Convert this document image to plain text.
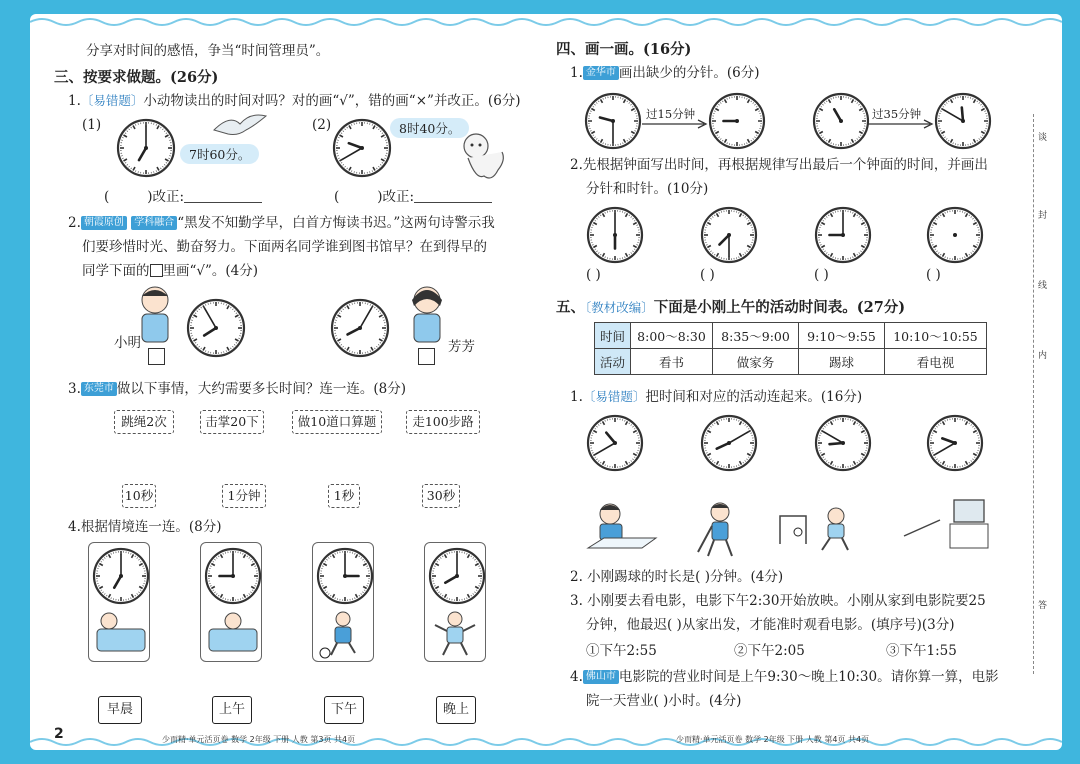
分享对时间的感悟，争当“时间管理员”。
三、按要求做题。(26分)
1.〔易错题〕小动物读出的时间对吗？对的画“√”，错的画“×”并改正。(6分)
(1)
7时60分。
(2)	8时40分。
(	)改正:	(	)改正:
2. 朝霞原创 学科融合 “黑发不知勤学早，白首方悔读书迟。”这两句诗警示我
们要珍惜时光、勤奋努力。下面两名同学谁到图书馆早？在到得早的
同学下面的 里画“√”。(4分)
小明	芳芳
3. 东莞市 做以下事情，大约需要多长时间？连一连。(8分)
跳绳2次	击掌20下	做10道口算题	走100步路
10秒	1分钟	1秒	30秒
4.根据情境连一连。(8分)
早晨	上午	下午	晚上
2	少而精·单元活页卷 数学 2年级 下册 人教 第3页 共4页
四、画一画。(16分)
1. 金华市 画出缺少的分针。(6分)
过15分钟	过35分钟
2.先根据钟面写出时间，再根据规律写出最后一个钟面的时间，并画出
分针和时针。(10分)
( )	( )	( )	( )
五、〔教材改编〕下面是小刚上午的活动时间表。(27分)
时间	8:00～8:30	8:35～9:00	9:10～9:55	10:10～10:55
活动	看书	做家务	踢球	看电视
1.〔易错题〕把时间和对应的活动连起来。(16分)
2. 小刚踢球的时长是( )分钟。(4分)
3. 小刚要去看电影，电影下午2:30开始放映。小刚从家到电影院要25
分钟，他最迟( )从家出发，才能准时观看电影。(填序号)(3分)
①下午2:55	②下午2:05	③下午1:55
4. 佛山市 电影院的营业时间是上午9:30～晚上10:30。请你算一算，电影
院一天营业( )小时。(4分)
少而精·单元活页卷 数学 2年级 下册 人教 第4页 共4页
谈
封
线
内
答
